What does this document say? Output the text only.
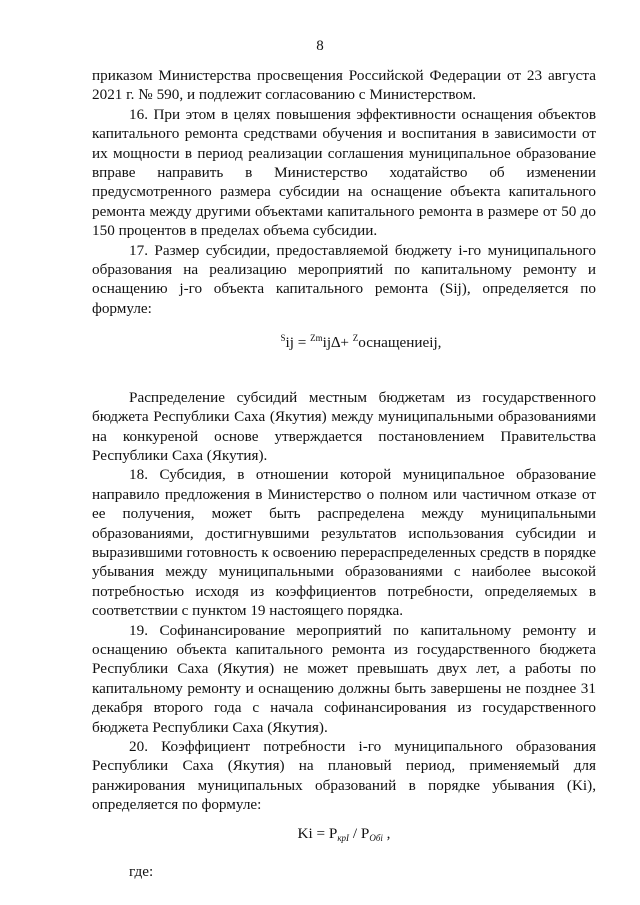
8

приказом Министерства просвещения Российской Федерации от 23 августа 2021 г. № 590, и подлежит согласованию с Министерством.

16. При этом в целях повышения эффективности оснащения объектов капитального ремонта средствами обучения и воспитания в зависимости от их мощности в период реализации соглашения муниципальное образование вправе направить в Министерство ходатайство об изменении предусмотренного размера субсидии на оснащение объекта капитального ремонта между другими объектами капитального ремонта в размере от 50 до 150 процентов в пределах объема субсидии.

17. Размер субсидии, предоставляемой бюджету i-го муниципального образования на реализацию мероприятий по капитальному ремонту и оснащению j-го объекта капитального ремонта (Sij), определяется по формуле:

$^S$ij = $^{Zm}$ij∆+ $^Z$оснащениеij,

Распределение субсидий местным бюджетам из государственного бюджета Республики Саха (Якутия) между муниципальными образованиями на конкуреной основе утверждается постановлением Правительства Республики Саха (Якутия).

18. Субсидия, в отношении которой муниципальное образование направило предложения в Министерство о полном или частичном отказе от ее получения, может быть распределена между муниципальными образованиями, достигнувшими результатов использования субсидии и выразившими готовность к освоению перераспределенных средств в порядке убывания между муниципальными образованиями с наиболее высокой потребностью исходя из коэффициентов потребности, определяемых в соответствии с пунктом 19 настоящего порядка.

19. Софинансирование мероприятий по капитальному ремонту и оснащению объекта капитального ремонта из государственного бюджета Республики Саха (Якутия) не может превышать двух лет, а работы по капитальному ремонту и оснащению должны быть завершены не позднее 31 декабря второго года с начала софинансирования из государственного бюджета Республики Саха (Якутия).

20. Коэффициент потребности i-го муниципального образования Республики Саха (Якутия) на плановый период, применяемый для ранжирования муниципальных образований в порядке убывания (Ki), определяется по формуле:

$Ki = P_{крI} / P_{Обi}$ ,

где:
